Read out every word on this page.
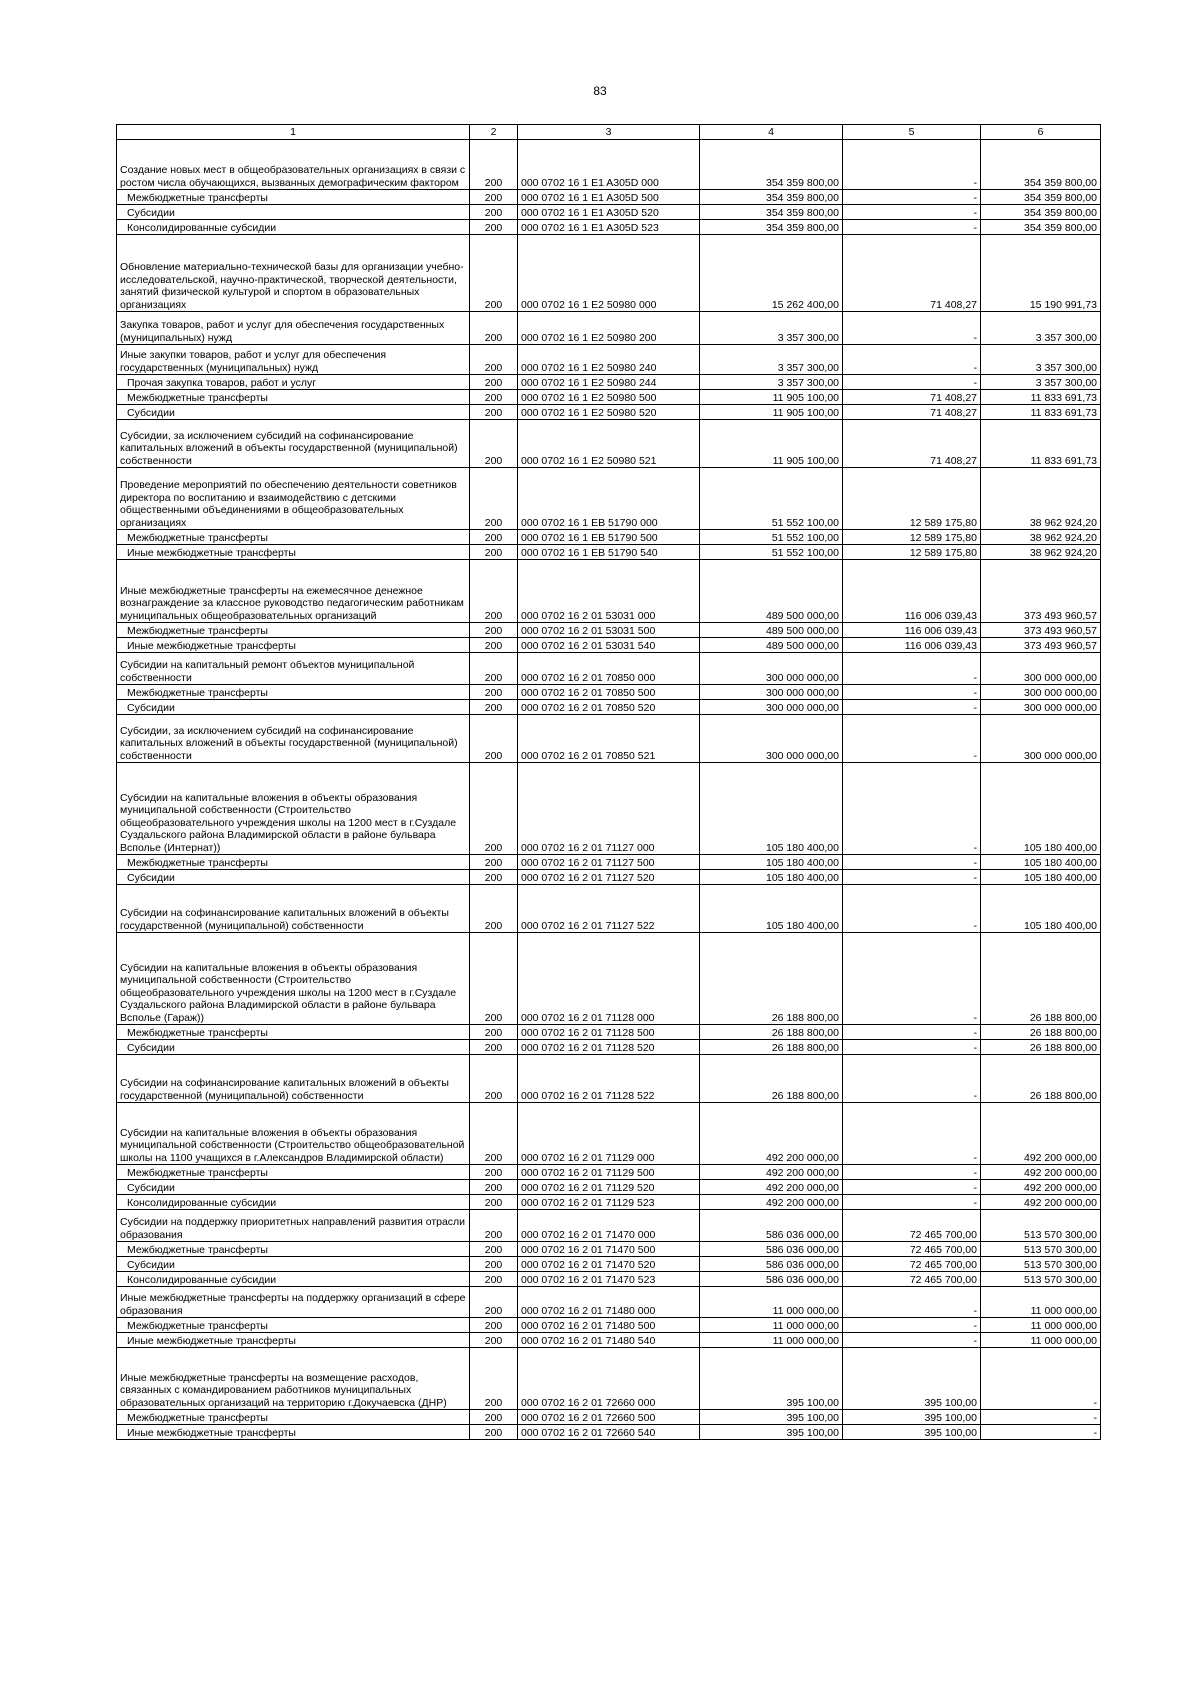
83
1	2	3	4	5	6
Создание новых мест в общеобразовательных организациях в связи с ростом числа обучающихся, вызванных демографическим фактором	200	000 0702 16 1 E1 A305D 000	354 359 800,00	-	354 359 800,00
Межбюджетные трансферты	200	000 0702 16 1 E1 A305D 500	354 359 800,00	-	354 359 800,00
Субсидии	200	000 0702 16 1 E1 A305D 520	354 359 800,00	-	354 359 800,00
Консолидированные субсидии	200	000 0702 16 1 E1 A305D 523	354 359 800,00	-	354 359 800,00
Обновление материально-технической базы для организации учебно-исследовательской, научно-практической, творческой деятельности, занятий физической культурой и спортом в образовательных организациях	200	000 0702 16 1 E2 50980 000	15 262 400,00	71 408,27	15 190 991,73
Закупка товаров, работ и услуг для обеспечения государственных (муниципальных) нужд	200	000 0702 16 1 E2 50980 200	3 357 300,00	-	3 357 300,00
Иные закупки товаров, работ и услуг для обеспечения государственных (муниципальных) нужд	200	000 0702 16 1 E2 50980 240	3 357 300,00	-	3 357 300,00
Прочая закупка товаров, работ и услуг	200	000 0702 16 1 E2 50980 244	3 357 300,00	-	3 357 300,00
Межбюджетные трансферты	200	000 0702 16 1 E2 50980 500	11 905 100,00	71 408,27	11 833 691,73
Субсидии	200	000 0702 16 1 E2 50980 520	11 905 100,00	71 408,27	11 833 691,73
Субсидии, за исключением субсидий на софинансирование капитальных вложений в объекты государственной (муниципальной) собственности	200	000 0702 16 1 E2 50980 521	11 905 100,00	71 408,27	11 833 691,73
Проведение мероприятий по обеспечению деятельности советников директора по воспитанию и взаимодействию с детскими общественными объединениями в общеобразовательных организациях	200	000 0702 16 1 EB 51790 000	51 552 100,00	12 589 175,80	38 962 924,20
Межбюджетные трансферты	200	000 0702 16 1 EB 51790 500	51 552 100,00	12 589 175,80	38 962 924,20
Иные межбюджетные трансферты	200	000 0702 16 1 EB 51790 540	51 552 100,00	12 589 175,80	38 962 924,20
Иные межбюджетные трансферты на ежемесячное денежное вознаграждение за классное руководство педагогическим работникам муниципальных общеобразовательных организаций	200	000 0702 16 2 01 53031 000	489 500 000,00	116 006 039,43	373 493 960,57
Межбюджетные трансферты	200	000 0702 16 2 01 53031 500	489 500 000,00	116 006 039,43	373 493 960,57
Иные межбюджетные трансферты	200	000 0702 16 2 01 53031 540	489 500 000,00	116 006 039,43	373 493 960,57
Субсидии на капитальный ремонт объектов муниципальной собственности	200	000 0702 16 2 01 70850 000	300 000 000,00	-	300 000 000,00
Межбюджетные трансферты	200	000 0702 16 2 01 70850 500	300 000 000,00	-	300 000 000,00
Субсидии	200	000 0702 16 2 01 70850 520	300 000 000,00	-	300 000 000,00
Субсидии, за исключением субсидий на софинансирование капитальных вложений в объекты государственной (муниципальной) собственности	200	000 0702 16 2 01 70850 521	300 000 000,00	-	300 000 000,00
Субсидии на капитальные вложения в объекты образования муниципальной собственности (Строительство общеобразовательного учреждения школы на 1200 мест в г.Суздале Суздальского района Владимирской области в районе бульвара Всполье (Интернат))	200	000 0702 16 2 01 71127 000	105 180 400,00	-	105 180 400,00
Межбюджетные трансферты	200	000 0702 16 2 01 71127 500	105 180 400,00	-	105 180 400,00
Субсидии	200	000 0702 16 2 01 71127 520	105 180 400,00	-	105 180 400,00
Субсидии на софинансирование капитальных вложений в объекты государственной (муниципальной) собственности	200	000 0702 16 2 01 71127 522	105 180 400,00	-	105 180 400,00
Субсидии на капитальные вложения в объекты образования муниципальной собственности (Строительство общеобразовательного учреждения школы на 1200 мест в г.Суздале Суздальского района Владимирской области в районе бульвара Всполье (Гараж))	200	000 0702 16 2 01 71128 000	26 188 800,00	-	26 188 800,00
Межбюджетные трансферты	200	000 0702 16 2 01 71128 500	26 188 800,00	-	26 188 800,00
Субсидии	200	000 0702 16 2 01 71128 520	26 188 800,00	-	26 188 800,00
Субсидии на софинансирование капитальных вложений в объекты государственной (муниципальной) собственности	200	000 0702 16 2 01 71128 522	26 188 800,00	-	26 188 800,00
Субсидии на капитальные вложения в объекты образования муниципальной собственности (Строительство общеобразовательной школы на 1100 учащихся в г.Александров Владимирской области)	200	000 0702 16 2 01 71129 000	492 200 000,00	-	492 200 000,00
Межбюджетные трансферты	200	000 0702 16 2 01 71129 500	492 200 000,00	-	492 200 000,00
Субсидии	200	000 0702 16 2 01 71129 520	492 200 000,00	-	492 200 000,00
Консолидированные субсидии	200	000 0702 16 2 01 71129 523	492 200 000,00	-	492 200 000,00
Субсидии на поддержку приоритетных направлений развития отрасли образования	200	000 0702 16 2 01 71470 000	586 036 000,00	72 465 700,00	513 570 300,00
Межбюджетные трансферты	200	000 0702 16 2 01 71470 500	586 036 000,00	72 465 700,00	513 570 300,00
Субсидии	200	000 0702 16 2 01 71470 520	586 036 000,00	72 465 700,00	513 570 300,00
Консолидированные субсидии	200	000 0702 16 2 01 71470 523	586 036 000,00	72 465 700,00	513 570 300,00
Иные межбюджетные трансферты на поддержку организаций в сфере образования	200	000 0702 16 2 01 71480 000	11 000 000,00	-	11 000 000,00
Межбюджетные трансферты	200	000 0702 16 2 01 71480 500	11 000 000,00	-	11 000 000,00
Иные межбюджетные трансферты	200	000 0702 16 2 01 71480 540	11 000 000,00	-	11 000 000,00
Иные межбюджетные трансферты на возмещение расходов, связанных с командированием работников муниципальных образовательных организаций на территорию г.Докучаевска (ДНР)	200	000 0702 16 2 01 72660 000	395 100,00	395 100,00	-
Межбюджетные трансферты	200	000 0702 16 2 01 72660 500	395 100,00	395 100,00	-
Иные межбюджетные трансферты	200	000 0702 16 2 01 72660 540	395 100,00	395 100,00	-
